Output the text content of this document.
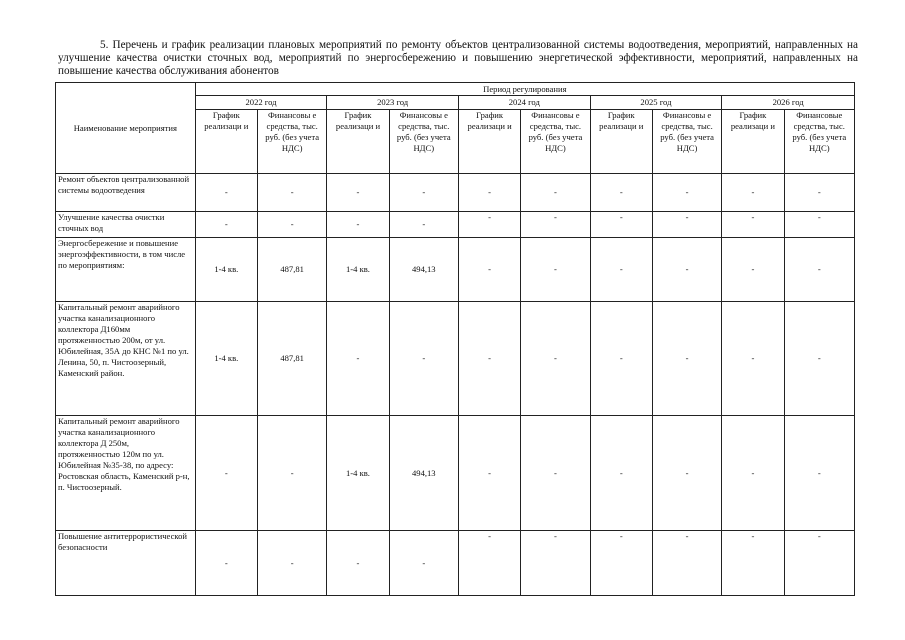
5. Перечень и график реализации плановых мероприятий по ремонту объектов централизованной системы водоотведения, мероприятий, направленных на улучшение качества очистки сточных вод, мероприятий по энергосбережению и повышению энергетической эффективности, мероприятий, направленных на повышение качества обслуживания абонентов
Наименование мероприятия	Период регулирования									
	2022 год		2023 год		2024 год		2025 год		2026 год	
	График реализаци и	Финансовы е средства, тыс. руб. (без учета НДС)	График реализаци и	Финансовы е средства, тыс. руб. (без учета НДС)	График реализаци и	Финансовы е средства, тыс. руб. (без учета НДС)	График реализаци и	Финансовы е средства, тыс. руб. (без учета НДС)	График реализаци и	Финансовые средства, тыс. руб. (без учета НДС)
Ремонт объектов централизованной системы водоотведения	-	-	-	-	-	-	-	-	-	-
Улучшение качества очистки сточных вод	-	-	-	-	-	-	-	-	-	-
Энергосбережение и повышение энергоэффективности, в том числе по мероприятиям:	1-4 кв.	487,81	1-4 кв.	494,13	-	-	-	-	-	-
Капитальный ремонт аварийного участка канализационного коллектора Д160мм протяженностью 200м, от ул. Юбилейная, 35А до КНС №1 по ул. Ленина, 50, п. Чистоозерный, Каменский район.	1-4 кв.	487,81	-	-	-	-	-	-	-	-
Капитальный ремонт аварийного участка канализационного коллектора Д 250м, протяженностью 120м по ул. Юбилейная №35-38, по адресу: Ростовская область, Каменский р-н, п. Чистоозерный.	-	-	1-4 кв.	494,13	-	-	-	-	-	-
Повышение антитеррористической безопасности	-	-	-	-	-	-	-	-	-	-
